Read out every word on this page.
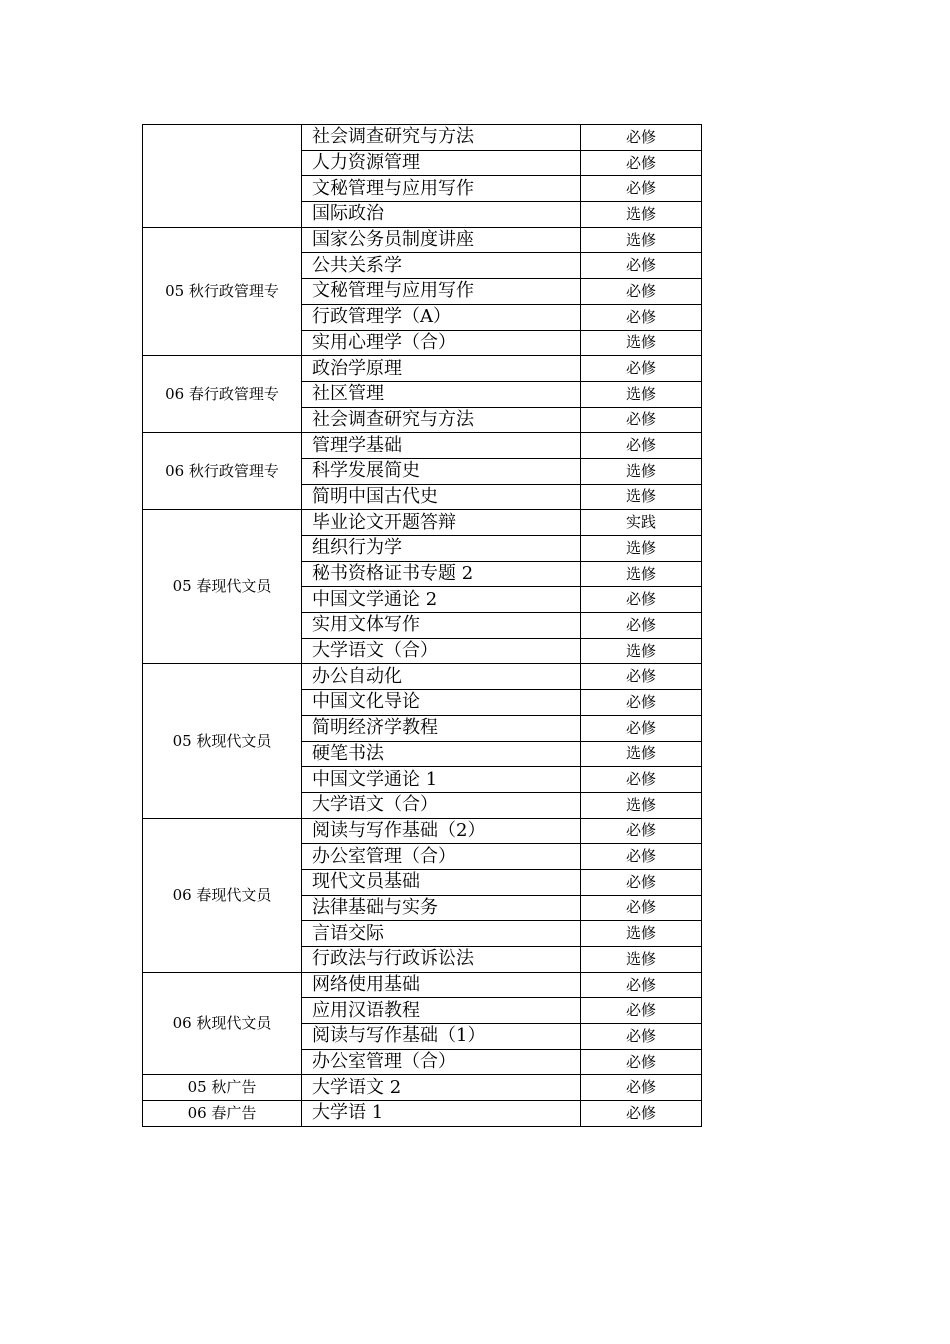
	社会调查研究与方法	必修
	人力资源管理	必修
	文秘管理与应用写作	必修
	国际政治	选修
05 秋行政管理专	国家公务员制度讲座	选修
	公共关系学	必修
	文秘管理与应用写作	必修
	行政管理学（A）	必修
	实用心理学（合）	选修
06 春行政管理专	政治学原理	必修
	社区管理	选修
	社会调查研究与方法	必修
06 秋行政管理专	管理学基础	必修
	科学发展简史	选修
	简明中国古代史	选修
05 春现代文员	毕业论文开题答辩	实践
	组织行为学	选修
	秘书资格证书专题 2	选修
	中国文学通论 2	必修
	实用文体写作	必修
	大学语文（合）	选修
05 秋现代文员	办公自动化	必修
	中国文化导论	必修
	简明经济学教程	必修
	硬笔书法	选修
	中国文学通论 1	必修
	大学语文（合）	选修
06 春现代文员	阅读与写作基础（2）	必修
	办公室管理（合）	必修
	现代文员基础	必修
	法律基础与实务	必修
	言语交际	选修
	行政法与行政诉讼法	选修
06 秋现代文员	网络使用基础	必修
	应用汉语教程	必修
	阅读与写作基础（1）	必修
	办公室管理（合）	必修
05 秋广告	大学语文 2	必修
06 春广告	大学语 1	必修
